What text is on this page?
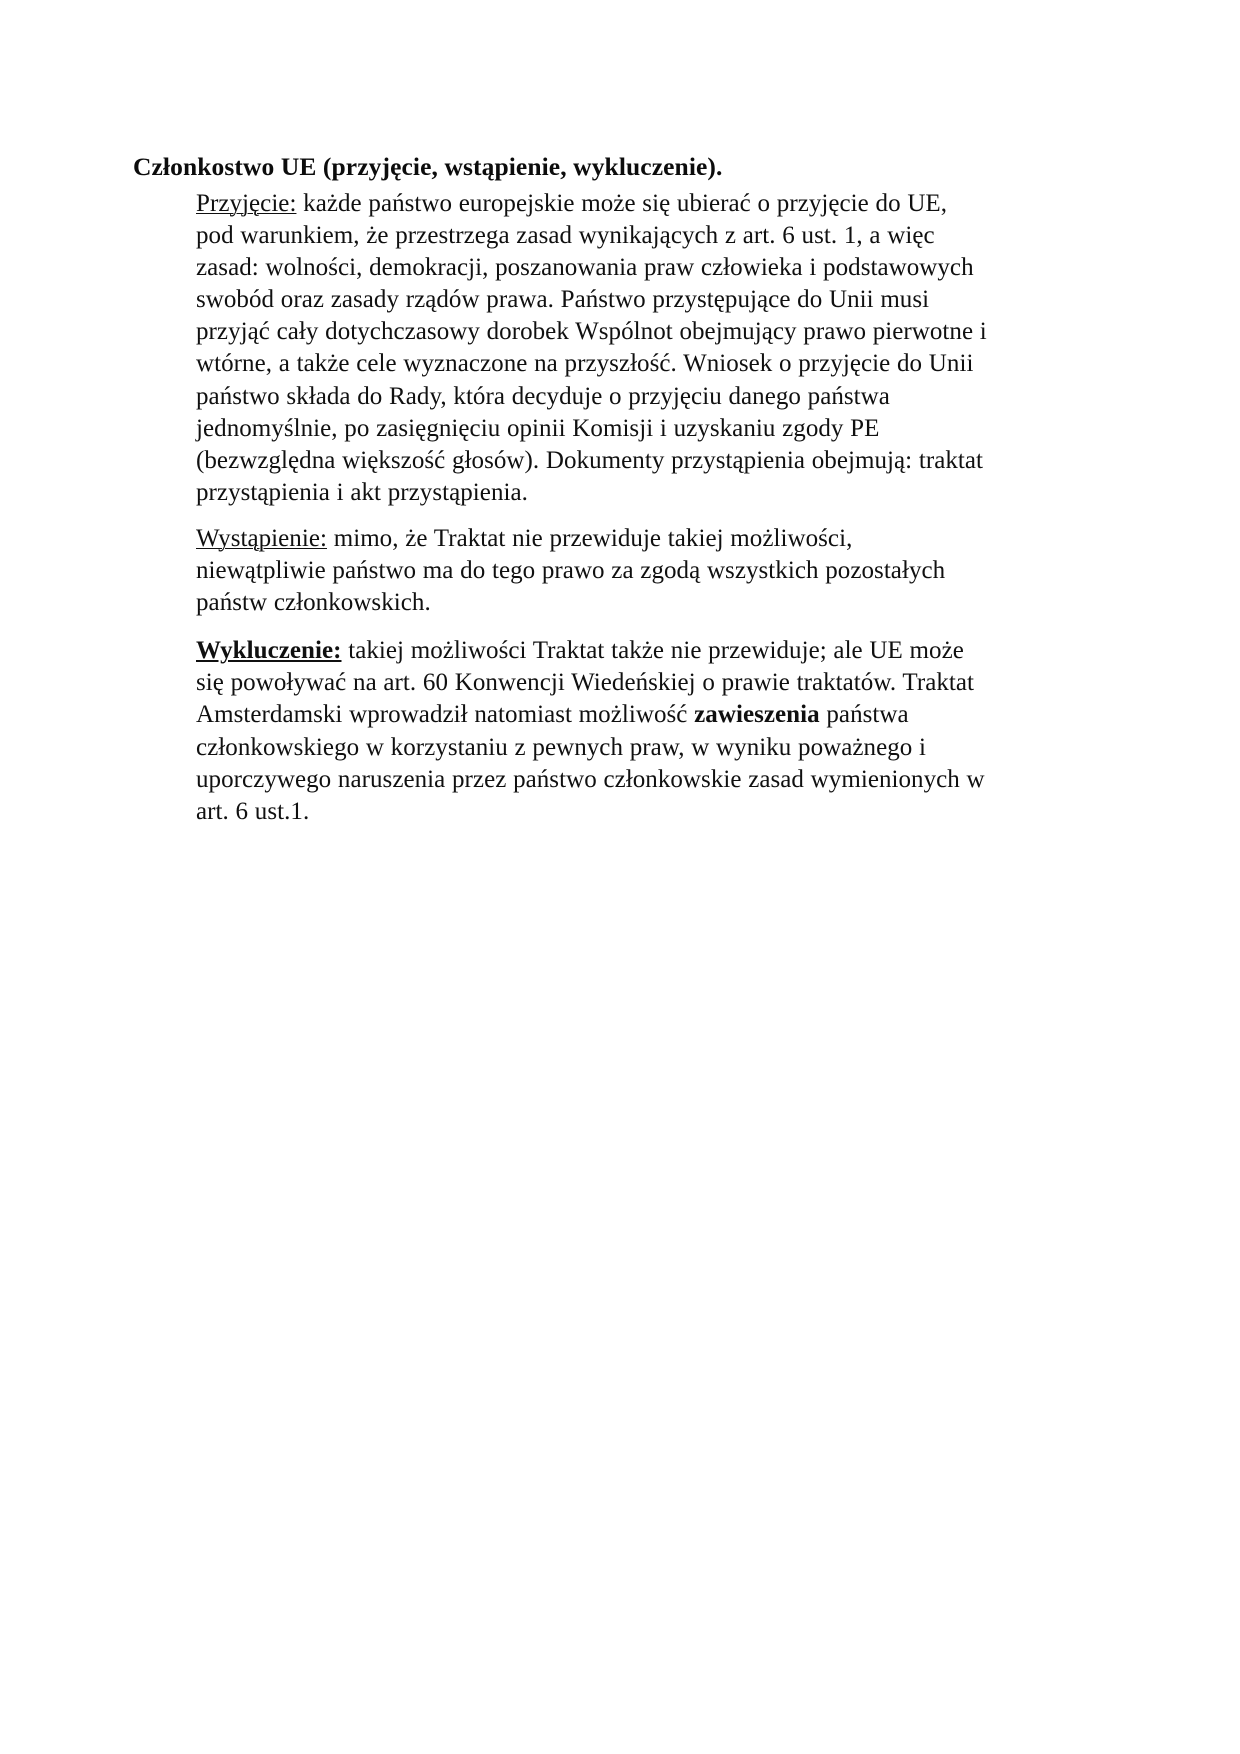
Członkostwo UE (przyjęcie, wstąpienie, wykluczenie).

Przyjęcie: każde państwo europejskie może się ubierać o przyjęcie do UE, pod warunkiem, że przestrzega zasad wynikających z art. 6 ust. 1, a więc zasad: wolności, demokracji, poszanowania praw człowieka i podstawowych swobód oraz zasady rządów prawa. Państwo przystępujące do Unii musi przyjąć cały dotychczasowy dorobek Wspólnot obejmujący prawo pierwotne i wtórne, a także cele wyznaczone na przyszłość. Wniosek o przyjęcie do Unii państwo składa do Rady, która decyduje o przyjęciu danego państwa jednomyślnie, po zasięgnięciu opinii Komisji i uzyskaniu zgody PE (bezwzględna większość głosów). Dokumenty przystąpienia obejmują: traktat przystąpienia i akt przystąpienia.

Wystąpienie: mimo, że Traktat nie przewiduje takiej możliwości, niewątpliwie państwo ma do tego prawo za zgodą wszystkich pozostałych państw członkowskich.

Wykluczenie: takiej możliwości Traktat także nie przewiduje; ale UE może się powoływać na art. 60 Konwencji Wiedeńskiej o prawie traktatów. Traktat Amsterdamski wprowadził natomiast możliwość zawieszenia państwa członkowskiego w korzystaniu z pewnych praw, w wyniku poważnego i uporczywego naruszenia przez państwo członkowskie zasad wymienionych w art. 6 ust.1.
